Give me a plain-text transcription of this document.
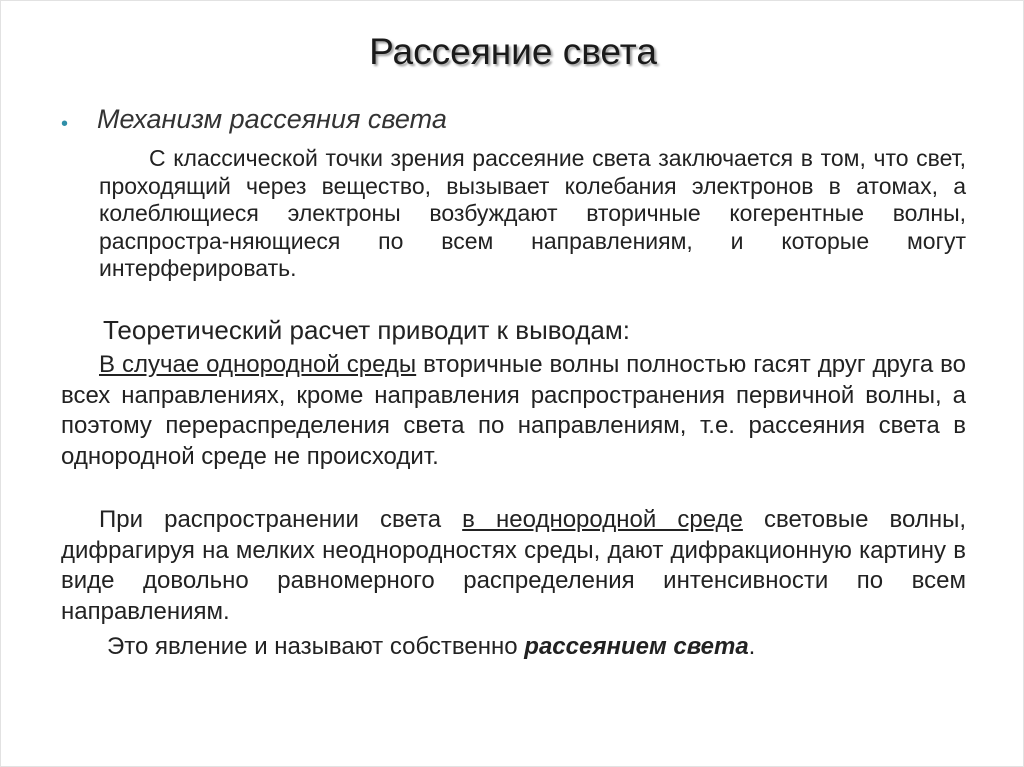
Рассеяние света
• Механизм рассеяния света
С классической точки зрения рассеяние света заключается в том, что свет, проходящий через вещество, вызывает колебания электронов в атомах, а колеблющиеся электроны возбуждают вторичные когерентные волны, распростра-няющиеся по всем направлениям, и которые могут интерферировать.
Теоретический расчет приводит к выводам:
В случае однородной среды вторичные волны полностью гасят друг друга во всех направлениях, кроме направления распространения первичной волны, а поэтому перераспределения света по направлениям, т.е. рассеяния света в однородной среде не происходит.
При распространении света в неоднородной среде световые волны, дифрагируя на мелких неоднородностях среды, дают дифракционную картину в виде довольно равномерного распределения интенсивности по всем направлениям.
Это явление и называют собственно рассеянием света.
